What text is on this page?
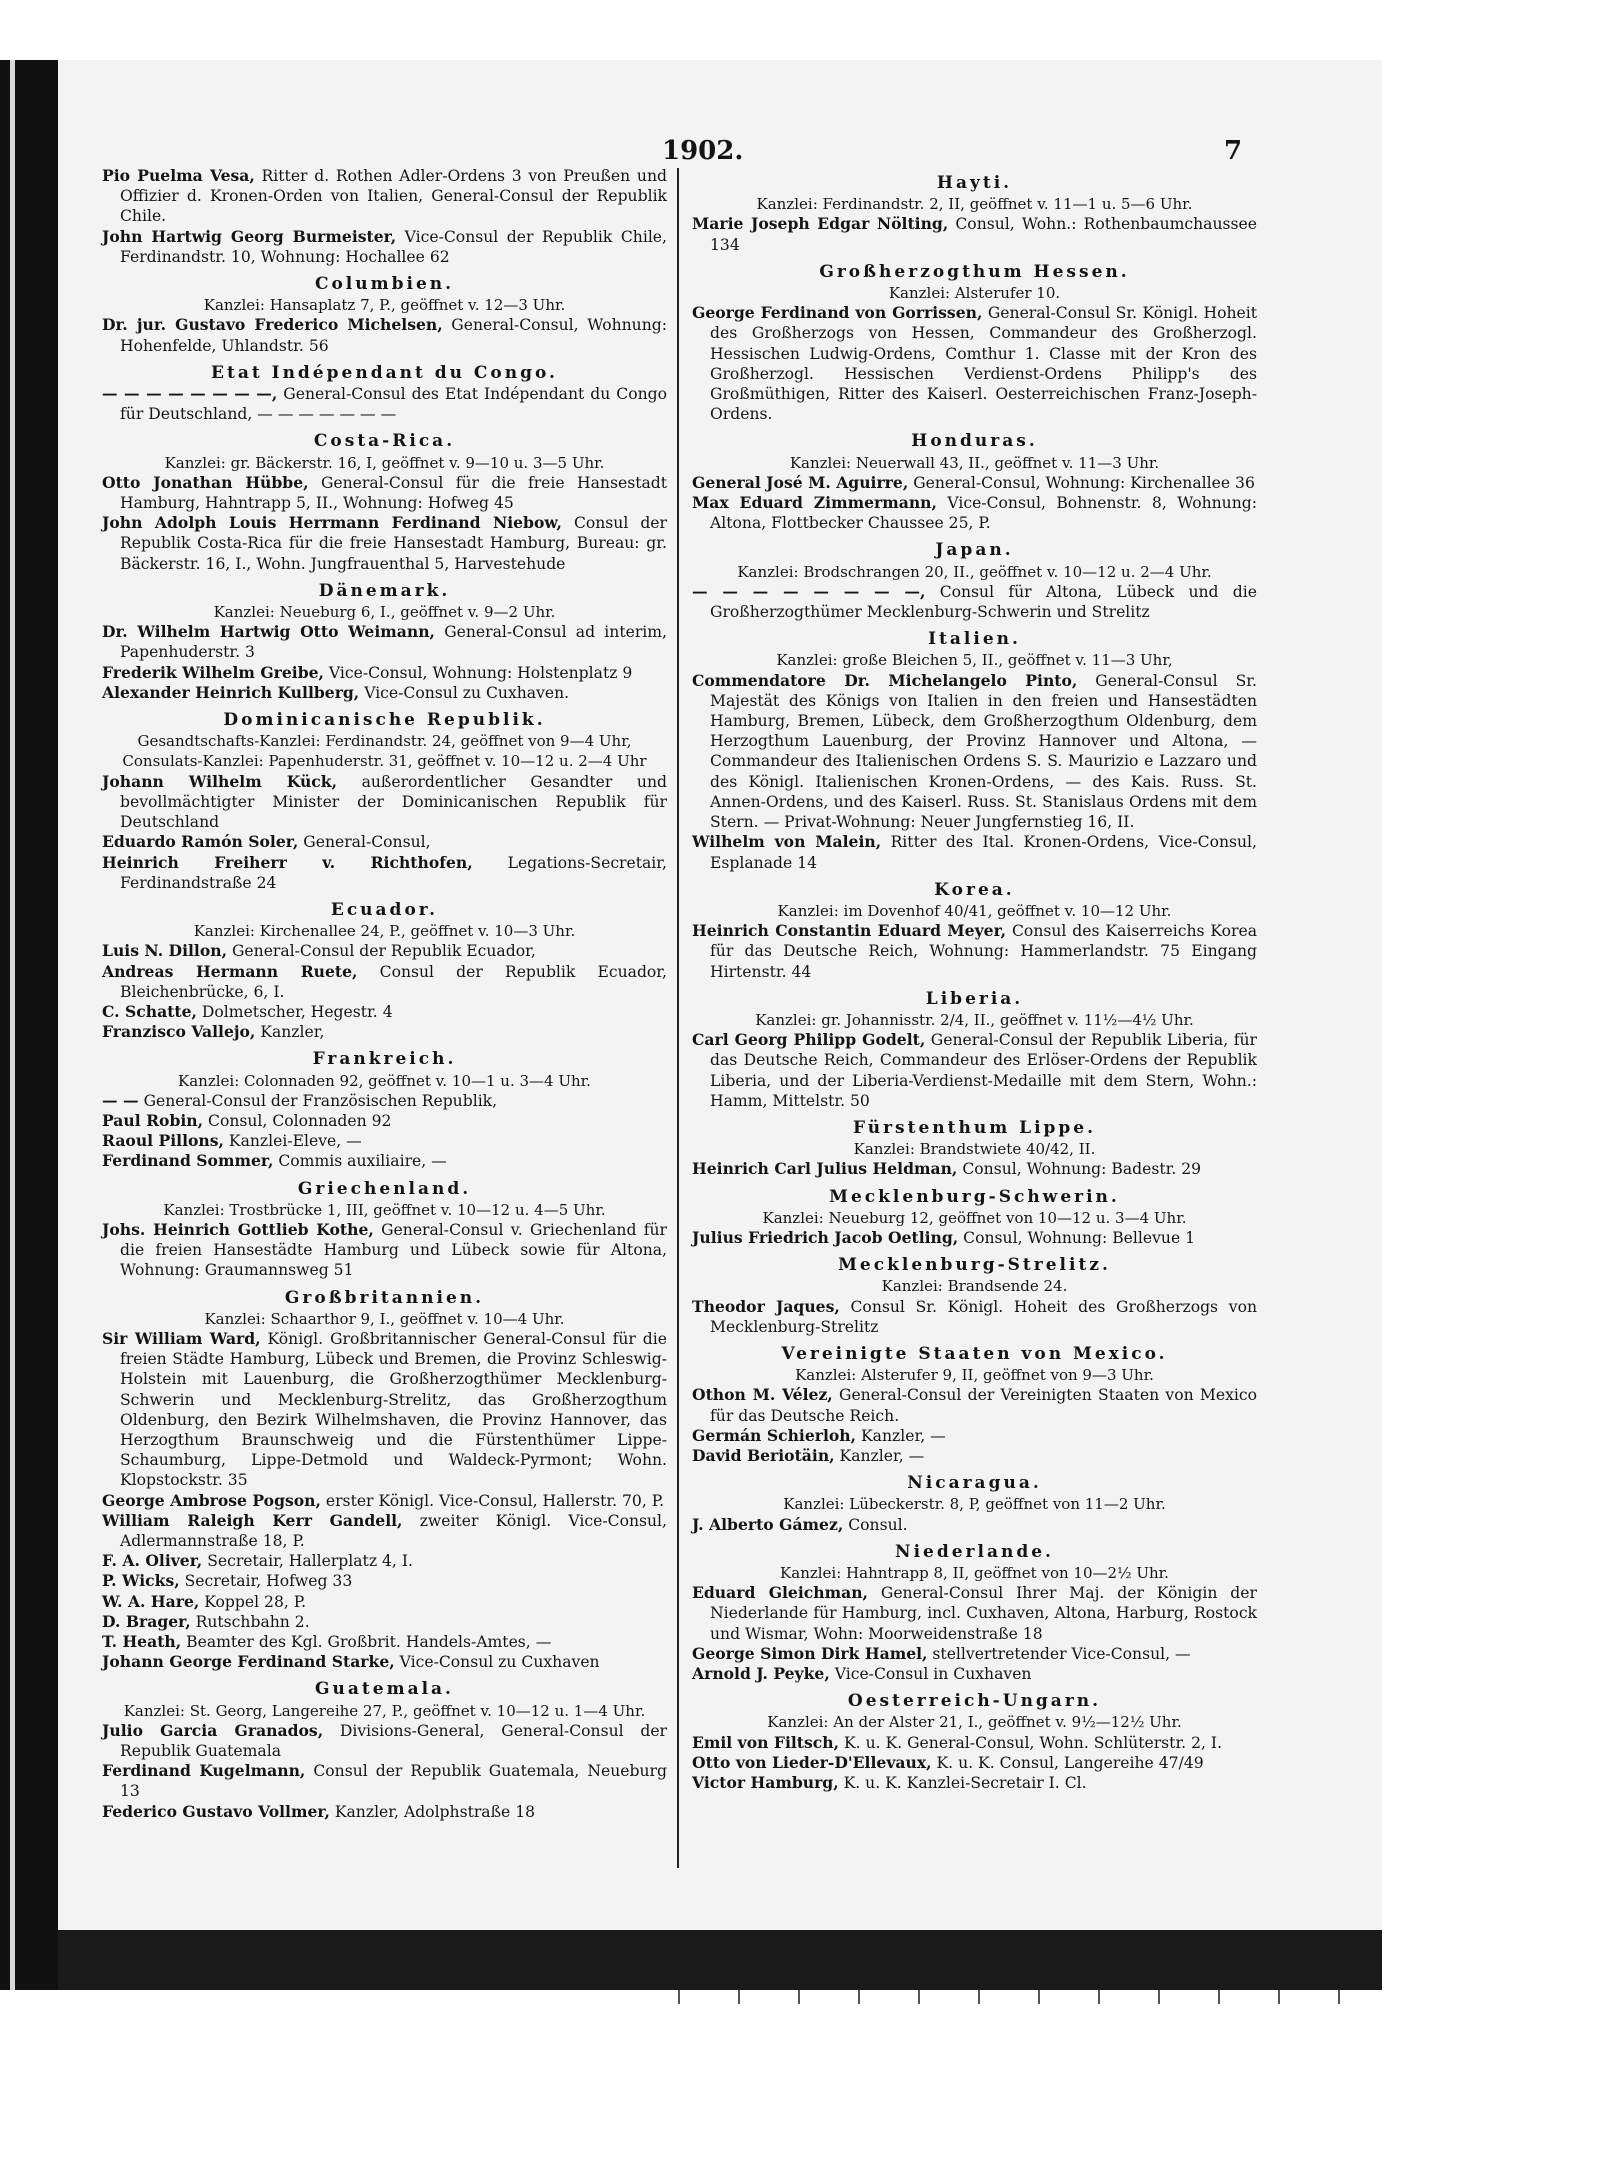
1902.	7
Pio Puelma Vesa, Ritter d. Rothen Adler-Ordens 3 von Preußen und Offizier d. Kronen-Orden von Italien, General-Consul der Republik Chile.
John Hartwig Georg Burmeister, Vice-Consul der Republik Chile, Ferdinandstr. 10, Wohnung: Hochallee 62
Columbien.
Kanzlei: Hansaplatz 7, P., geöffnet v. 12—3 Uhr.
Dr. jur. Gustavo Frederico Michelsen, General-Consul, Wohnung: Hohenfelde, Uhlandstr. 56
Etat Indépendant du Congo.
— — — — — — — —, General-Consul des Etat Indépendant du Congo für Deutschland, — — — — — — —
Costa-Rica.
Kanzlei: gr. Bäckerstr. 16, I, geöffnet v. 9—10 u. 3—5 Uhr.
Otto Jonathan Hübbe, General-Consul für die freie Hansestadt Hamburg, Hahntrapp 5, II., Wohnung: Hofweg 45
John Adolph Louis Herrmann Ferdinand Niebow, Consul der Republik Costa-Rica für die freie Hansestadt Hamburg, Bureau: gr. Bäckerstr. 16, I., Wohn. Jungfrauenthal 5, Harvestehude
Dänemark.
Kanzlei: Neueburg 6, I., geöffnet v. 9—2 Uhr.
Dr. Wilhelm Hartwig Otto Weimann, General-Consul ad interim, Papenhuderstr. 3
Frederik Wilhelm Greibe, Vice-Consul, Wohnung: Holstenplatz 9
Alexander Heinrich Kullberg, Vice-Consul zu Cuxhaven.
Dominicanische Republik.
Gesandtschafts-Kanzlei: Ferdinandstr. 24, geöffnet von 9—4 Uhr,
Consulats-Kanzlei: Papenhuderstr. 31, geöffnet v. 10—12 u. 2—4 Uhr
Johann Wilhelm Kück, außerordentlicher Gesandter und bevollmächtigter Minister der Dominicanischen Republik für Deutschland
Eduardo Ramón Soler, General-Consul,
Heinrich Freiherr v. Richthofen, Legations-Secretair, Ferdinandstraße 24
Ecuador.
Kanzlei: Kirchenallee 24, P., geöffnet v. 10—3 Uhr.
Luis N. Dillon, General-Consul der Republik Ecuador,
Andreas Hermann Ruete, Consul der Republik Ecuador, Bleichenbrücke, 6, I.
C. Schatte, Dolmetscher, Hegestr. 4
Franzisco Vallejo, Kanzler,
Frankreich.
Kanzlei: Colonnaden 92, geöffnet v. 10—1 u. 3—4 Uhr.
— — General-Consul der Französischen Republik,
Paul Robin, Consul, Colonnaden 92
Raoul Pillons, Kanzlei-Eleve, —
Ferdinand Sommer, Commis auxiliaire, —
Griechenland.
Kanzlei: Trostbrücke 1, III, geöffnet v. 10—12 u. 4—5 Uhr.
Johs. Heinrich Gottlieb Kothe, General-Consul v. Griechenland für die freien Hansestädte Hamburg und Lübeck sowie für Altona, Wohnung: Graumannsweg 51
Großbritannien.
Kanzlei: Schaarthor 9, I., geöffnet v. 10—4 Uhr.
Sir William Ward, Königl. Großbritannischer General-Consul für die freien Städte Hamburg, Lübeck und Bremen, die Provinz Schleswig-Holstein mit Lauenburg, die Großherzogthümer Mecklenburg-Schwerin und Mecklenburg-Strelitz, das Großherzogthum Oldenburg, den Bezirk Wilhelmshaven, die Provinz Hannover, das Herzogthum Braunschweig und die Fürstenthümer Lippe-Schaumburg, Lippe-Detmold und Waldeck-Pyrmont; Wohn. Klopstockstr. 35
George Ambrose Pogson, erster Königl. Vice-Consul, Hallerstr. 70, P.
William Raleigh Kerr Gandell, zweiter Königl. Vice-Consul, Adlermannstraße 18, P.
F. A. Oliver, Secretair, Hallerplatz 4, I.
P. Wicks, Secretair, Hofweg 33
W. A. Hare, Koppel 28, P.
D. Brager, Rutschbahn 2.
T. Heath, Beamter des Kgl. Großbrit. Handels-Amtes, —
Johann George Ferdinand Starke, Vice-Consul zu Cuxhaven
Guatemala.
Kanzlei: St. Georg, Langereihe 27, P., geöffnet v. 10—12 u. 1—4 Uhr.
Julio Garcia Granados, Divisions-General, General-Consul der Republik Guatemala
Ferdinand Kugelmann, Consul der Republik Guatemala, Neueburg 13
Federico Gustavo Vollmer, Kanzler, Adolphstraße 18
Hayti.
Kanzlei: Ferdinandstr. 2, II, geöffnet v. 11—1 u. 5—6 Uhr.
Marie Joseph Edgar Nölting, Consul, Wohn.: Rothenbaumchaussee 134
Großherzogthum Hessen.
Kanzlei: Alsterufer 10.
George Ferdinand von Gorrissen, General-Consul Sr. Königl. Hoheit des Großherzogs von Hessen, Commandeur des Großherzogl. Hessischen Ludwig-Ordens, Comthur 1. Classe mit der Kron des Großherzogl. Hessischen Verdienst-Ordens Philipp's des Großmüthigen, Ritter des Kaiserl. Oesterreichischen Franz-Joseph-Ordens.
Honduras.
Kanzlei: Neuerwall 43, II., geöffnet v. 11—3 Uhr.
General José M. Aguirre, General-Consul, Wohnung: Kirchenallee 36
Max Eduard Zimmermann, Vice-Consul, Bohnenstr. 8, Wohnung: Altona, Flottbecker Chaussee 25, P.
Japan.
Kanzlei: Brodschrangen 20, II., geöffnet v. 10—12 u. 2—4 Uhr.
— — — — — — — —, Consul für Altona, Lübeck und die Großherzogthümer Mecklenburg-Schwerin und Strelitz
Italien.
Kanzlei: große Bleichen 5, II., geöffnet v. 11—3 Uhr,
Commendatore Dr. Michelangelo Pinto, General-Consul Sr. Majestät des Königs von Italien in den freien und Hansestädten Hamburg, Bremen, Lübeck, dem Großherzogthum Oldenburg, dem Herzogthum Lauenburg, der Provinz Hannover und Altona, — Commandeur des Italienischen Ordens S. S. Maurizio e Lazzaro und des Königl. Italienischen Kronen-Ordens, — des Kais. Russ. St. Annen-Ordens, und des Kaiserl. Russ. St. Stanislaus Ordens mit dem Stern. — Privat-Wohnung: Neuer Jungfernstieg 16, II.
Wilhelm von Malein, Ritter des Ital. Kronen-Ordens, Vice-Consul, Esplanade 14
Korea.
Kanzlei: im Dovenhof 40/41, geöffnet v. 10—12 Uhr.
Heinrich Constantin Eduard Meyer, Consul des Kaiserreichs Korea für das Deutsche Reich, Wohnung: Hammerlandstr. 75 Eingang Hirtenstr. 44
Liberia.
Kanzlei: gr. Johannisstr. 2/4, II., geöffnet v. 11½—4½ Uhr.
Carl Georg Philipp Godelt, General-Consul der Republik Liberia, für das Deutsche Reich, Commandeur des Erlöser-Ordens der Republik Liberia, und der Liberia-Verdienst-Medaille mit dem Stern, Wohn.: Hamm, Mittelstr. 50
Fürstenthum Lippe.
Kanzlei: Brandstwiete 40/42, II.
Heinrich Carl Julius Heldman, Consul, Wohnung: Badestr. 29
Mecklenburg-Schwerin.
Kanzlei: Neueburg 12, geöffnet von 10—12 u. 3—4 Uhr.
Julius Friedrich Jacob Oetling, Consul, Wohnung: Bellevue 1
Mecklenburg-Strelitz.
Kanzlei: Brandsende 24.
Theodor Jaques, Consul Sr. Königl. Hoheit des Großherzogs von Mecklenburg-Strelitz
Vereinigte Staaten von Mexico.
Kanzlei: Alsterufer 9, II, geöffnet von 9—3 Uhr.
Othon M. Vélez, General-Consul der Vereinigten Staaten von Mexico für das Deutsche Reich.
Germán Schierloh, Kanzler, —
David Beriotäin, Kanzler, —
Nicaragua.
Kanzlei: Lübeckerstr. 8, P, geöffnet von 11—2 Uhr.
J. Alberto Gámez, Consul.
Niederlande.
Kanzlei: Hahntrapp 8, II, geöffnet von 10—2½ Uhr.
Eduard Gleichman, General-Consul Ihrer Maj. der Königin der Niederlande für Hamburg, incl. Cuxhaven, Altona, Harburg, Rostock und Wismar, Wohn: Moorweidenstraße 18
George Simon Dirk Hamel, stellvertretender Vice-Consul, —
Arnold J. Peyke, Vice-Consul in Cuxhaven
Oesterreich-Ungarn.
Kanzlei: An der Alster 21, I., geöffnet v. 9½—12½ Uhr.
Emil von Filtsch, K. u. K. General-Consul, Wohn. Schlüterstr. 2, I.
Otto von Lieder-D'Ellevaux, K. u. K. Consul, Langereihe 47/49
Victor Hamburg, K. u. K. Kanzlei-Secretair I. Cl.
